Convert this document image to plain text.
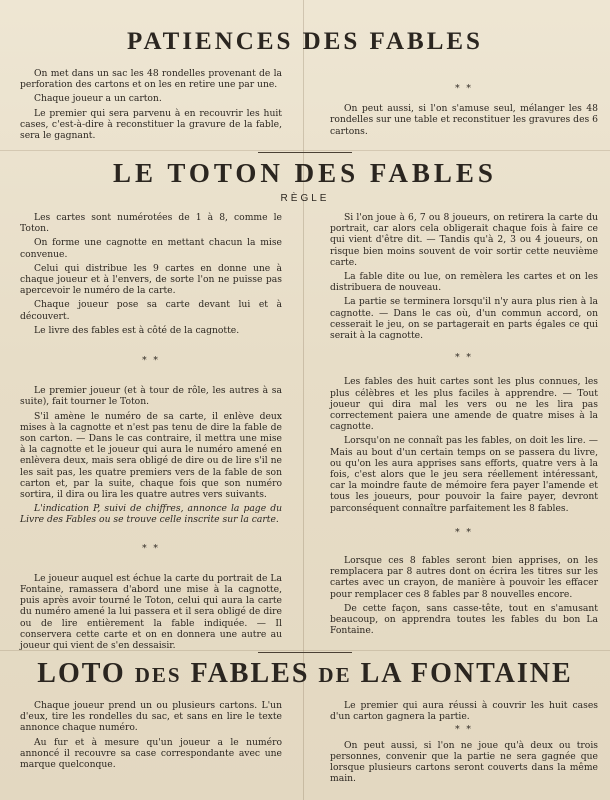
PATIENCES DES FABLES

On met dans un sac les 48 rondelles provenant de la perforation des cartons et on les en retire une par une.

Chaque joueur a un carton.

Le premier qui sera parvenu à en recouvrir les huit cases, c'est-à-dire à reconstituer la gravure de la fable, sera le gagnant.

* *

On peut aussi, si l'on s'amuse seul, mélanger les 48 rondelles sur une table et reconstituer les gravures des 6 cartons.

LE TOTON DES FABLES
RÈGLE

Les cartes sont numérotées de 1 à 8, comme le Toton.

On forme une cagnotte en mettant chacun la mise convenue.

Celui qui distribue les 9 cartes en donne une à chaque joueur et à l'envers, de sorte l'on ne puisse pas apercevoir le numéro de la carte.

Chaque joueur pose sa carte devant lui et à découvert.

Le livre des fables est à côté de la cagnotte.

* *

Le premier joueur (et à tour de rôle, les autres à sa suite), fait tourner le Toton.

S'il amène le numéro de sa carte, il enlève deux mises à la cagnotte et n'est pas tenu de dire la fable de son carton. — Dans le cas contraire, il mettra une mise à la cagnotte et le joueur qui aura le numéro amené en enlèvera deux, mais sera obligé de dire ou de lire s'il ne les sait pas, les quatre premiers vers de la fable de son carton et, par la suite, chaque fois que son numéro sortira, il dira ou lira les quatre autres vers suivants.

L'indication P, suivi de chiffres, annonce la page du Livre des Fables ou se trouve celle inscrite sur la carte.

* *

Le joueur auquel est échue la carte du portrait de La Fontaine, ramassera d'abord une mise à la cagnotte, puis après avoir tourné le Toton, celui qui aura la carte du numéro amené la lui passera et il sera obligé de dire ou de lire entièrement la fable indiquée. — Il conservera cette carte et on en donnera une autre au joueur qui vient de s'en dessaisir.

Si l'on joue à 6, 7 ou 8 joueurs, on retirera la carte du portrait, car alors cela obligerait chaque fois à faire ce qui vient d'être dit. — Tandis qu'à 2, 3 ou 4 joueurs, on risque bien moins souvent de voir sortir cette neuvième carte.

La fable dite ou lue, on remèlera les cartes et on les distribuera de nouveau.

La partie se terminera lorsqu'il n'y aura plus rien à la cagnotte. — Dans le cas où, d'un commun accord, on cesserait le jeu, on se partagerait en parts égales ce qui serait à la cagnotte.

* *

Les fables des huit cartes sont les plus connues, les plus célèbres et les plus faciles à apprendre. — Tout joueur qui dira mal les vers ou ne les lira pas correctement paiera une amende de quatre mises à la cagnotte.

Lorsqu'on ne connaît pas les fables, on doit les lire. — Mais au bout d'un certain temps on se passera du livre, ou qu'on les aura apprises sans efforts, quatre vers à la fois, c'est alors que le jeu sera réellement intéressant, car la moindre faute de mémoire fera payer l'amende et tous les joueurs, pour pouvoir la faire payer, devront parconséquent connaître parfaitement les 8 fables.

* *

Lorsque ces 8 fables seront bien apprises, on les remplacera par 8 autres dont on écrira les titres sur les cartes avec un crayon, de manière à pouvoir les effacer pour remplacer ces 8 fables par 8 nouvelles encore.

De cette façon, sans casse-tête, tout en s'amusant beaucoup, on apprendra toutes les fables du bon La Fontaine.

LOTO DES FABLES DE LA FONTAINE

Chaque joueur prend un ou plusieurs cartons. L'un d'eux, tire les rondelles du sac, et sans en lire le texte annonce chaque numéro.

Au fur et à mesure qu'un joueur a le numéro annoncé il recouvre sa case correspondante avec une marque quelconque.

Le premier qui aura réussi à couvrir les huit cases d'un carton gagnera la partie.

* *

On peut aussi, si l'on ne joue qu'à deux ou trois personnes, convenir que la partie ne sera gagnée que lorsque plusieurs cartons seront couverts dans la même main.
